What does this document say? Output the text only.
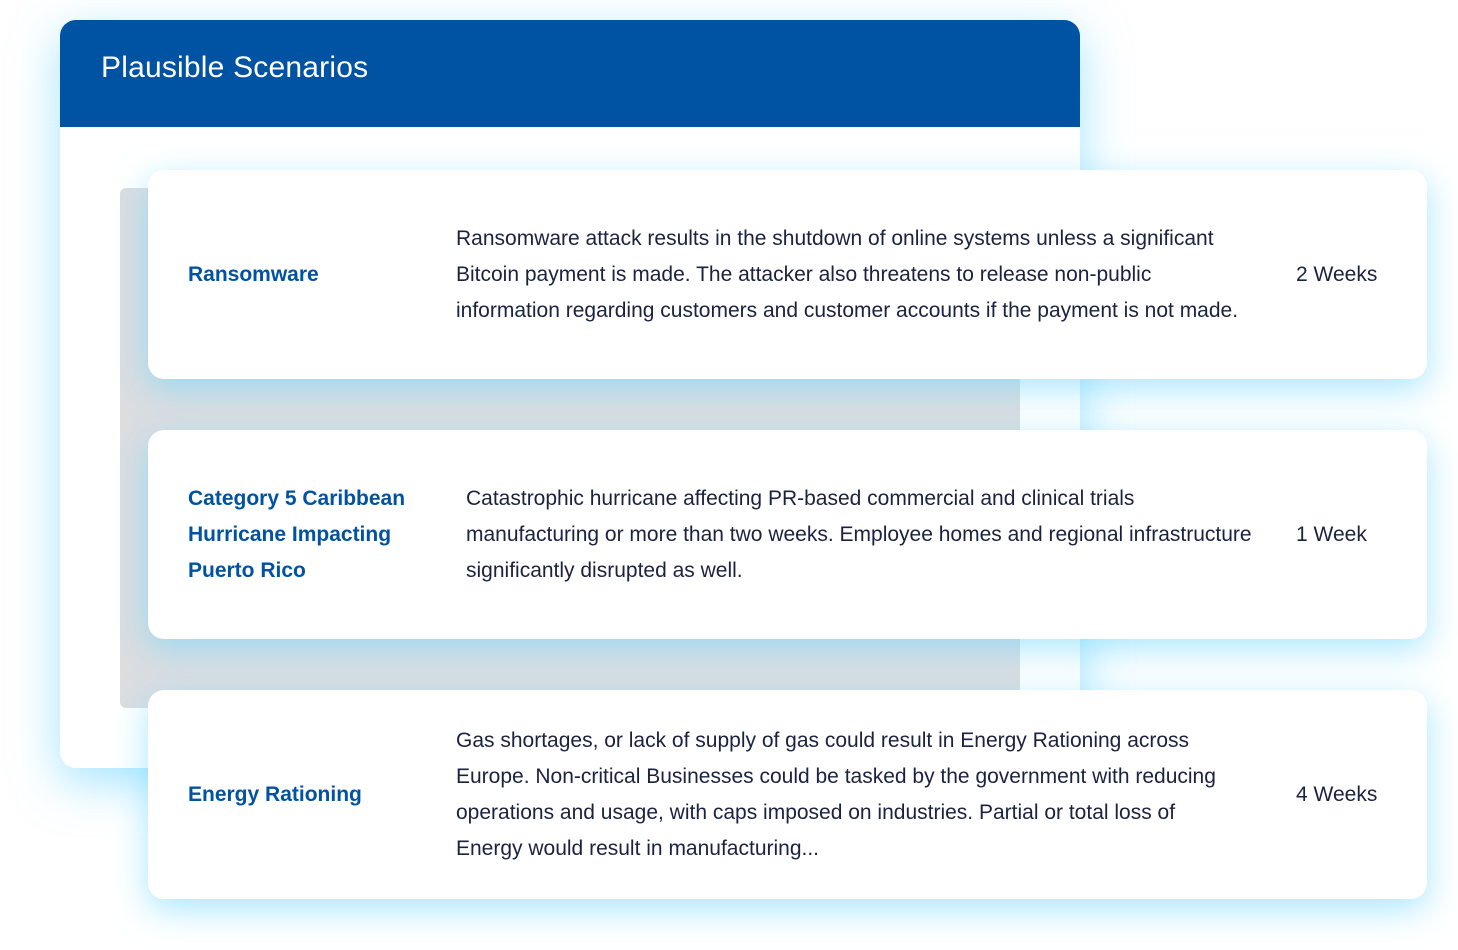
Plausible Scenarios
Ransomware
Ransomware attack results in the shutdown of online systems unless a significant Bitcoin payment is made. The attacker also threatens to release non-public information regarding customers and customer accounts if the payment is not made.
2 Weeks
Category 5 Caribbean Hurricane Impacting Puerto Rico
Catastrophic hurricane affecting PR-based commercial and clinical trials manufacturing or more than two weeks. Employee homes and regional infrastructure significantly disrupted as well.
1 Week
Energy Rationing
Gas shortages, or lack of supply of gas could result in Energy Rationing across Europe. Non-critical Businesses could be tasked by the government with reducing operations and usage, with caps imposed on industries. Partial or total loss of Energy would result in manufacturing...
4 Weeks
